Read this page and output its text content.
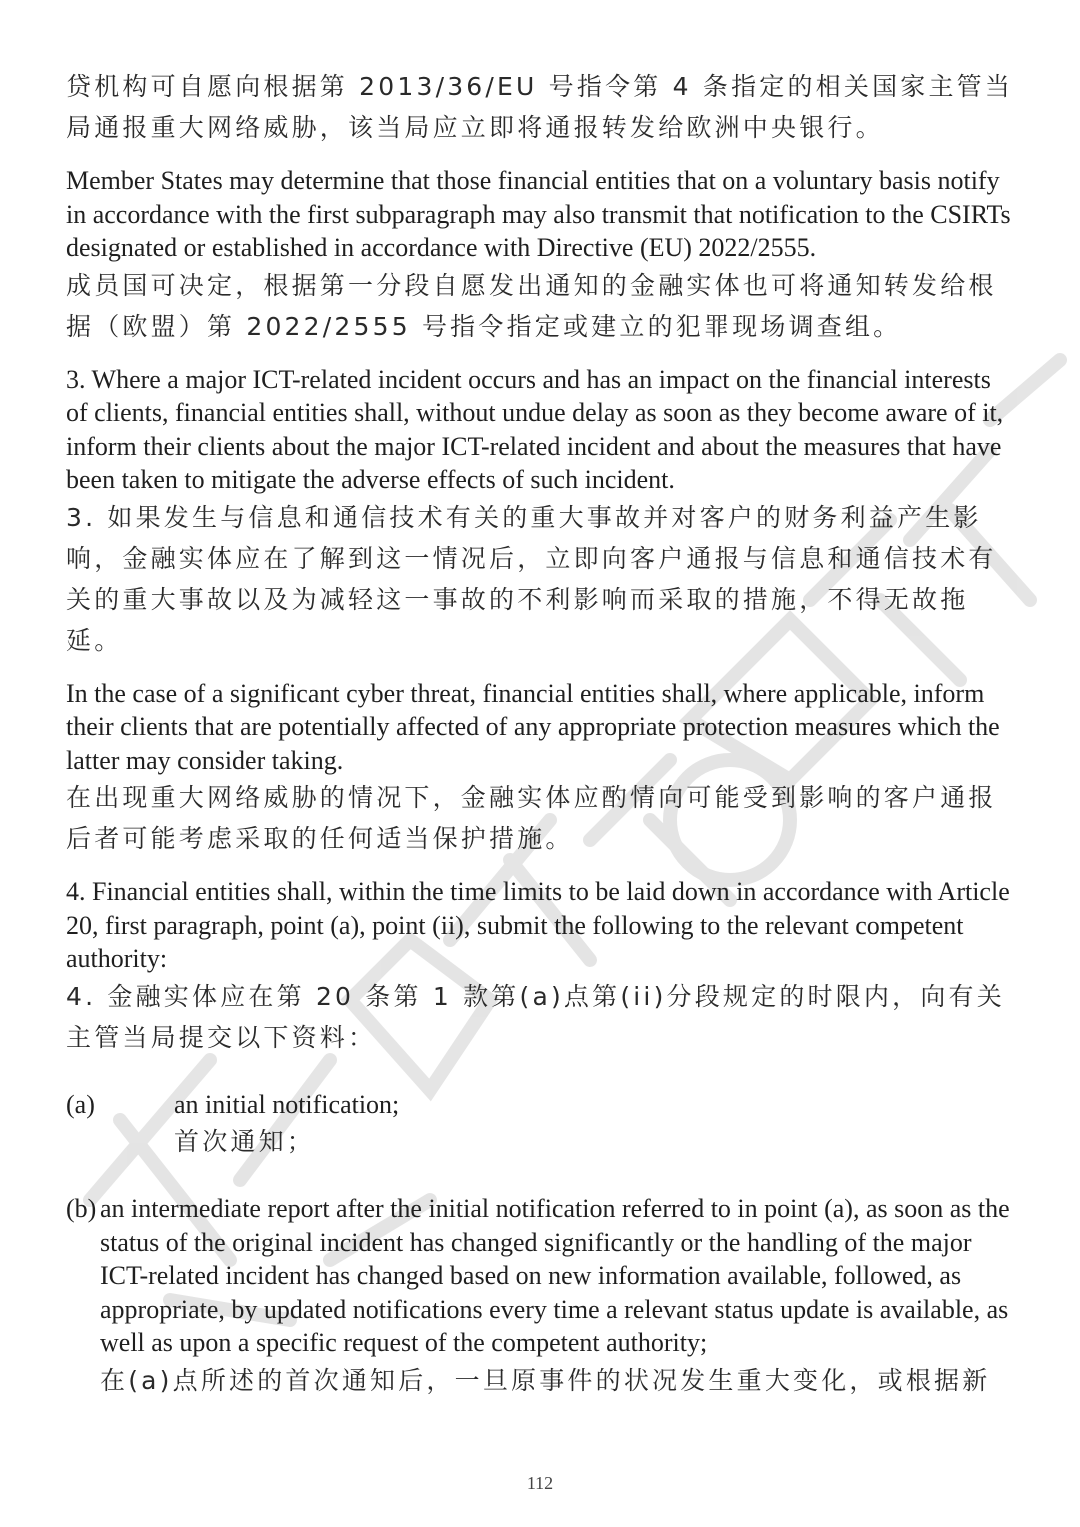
贷机构可自愿向根据第 2013/36/EU 号指令第 4 条指定的相关国家主管当局通报重大网络威胁，该当局应立即将通报转发给欧洲中央银行。

Member States may determine that those financial entities that on a voluntary basis notify in accordance with the first subparagraph may also transmit that notification to the CSIRTs designated or established in accordance with Directive (EU) 2022/2555.

成员国可决定，根据第一分段自愿发出通知的金融实体也可将通知转发给根据（欧盟）第 2022/2555 号指令指定或建立的犯罪现场调查组。

3. Where a major ICT-related incident occurs and has an impact on the financial interests of clients, financial entities shall, without undue delay as soon as they become aware of it, inform their clients about the major ICT-related incident and about the measures that have been taken to mitigate the adverse effects of such incident.

3. 如果发生与信息和通信技术有关的重大事故并对客户的财务利益产生影响，金融实体应在了解到这一情况后，立即向客户通报与信息和通信技术有关的重大事故以及为减轻这一事故的不利影响而采取的措施，不得无故拖延。

In the case of a significant cyber threat, financial entities shall, where applicable, inform their clients that are potentially affected of any appropriate protection measures which the latter may consider taking.

在出现重大网络威胁的情况下，金融实体应酌情向可能受到影响的客户通报后者可能考虑采取的任何适当保护措施。

4. Financial entities shall, within the time limits to be laid down in accordance with Article 20, first paragraph, point (a), point (ii), submit the following to the relevant competent authority:

4. 金融实体应在第 20 条第 1 款第(a)点第(ii)分段规定的时限内，向有关主管当局提交以下资料：

(a)	an initial notification;

首次通知；

(b) an intermediate report after the initial notification referred to in point (a), as soon as the status of the original incident has changed significantly or the handling of the major ICT-related incident has changed based on new information available, followed, as appropriate, by updated notifications every time a relevant status update is available, as well as upon a specific request of the competent authority;

在(a)点所述的首次通知后，一旦原事件的状况发生重大变化，或根据新

112
